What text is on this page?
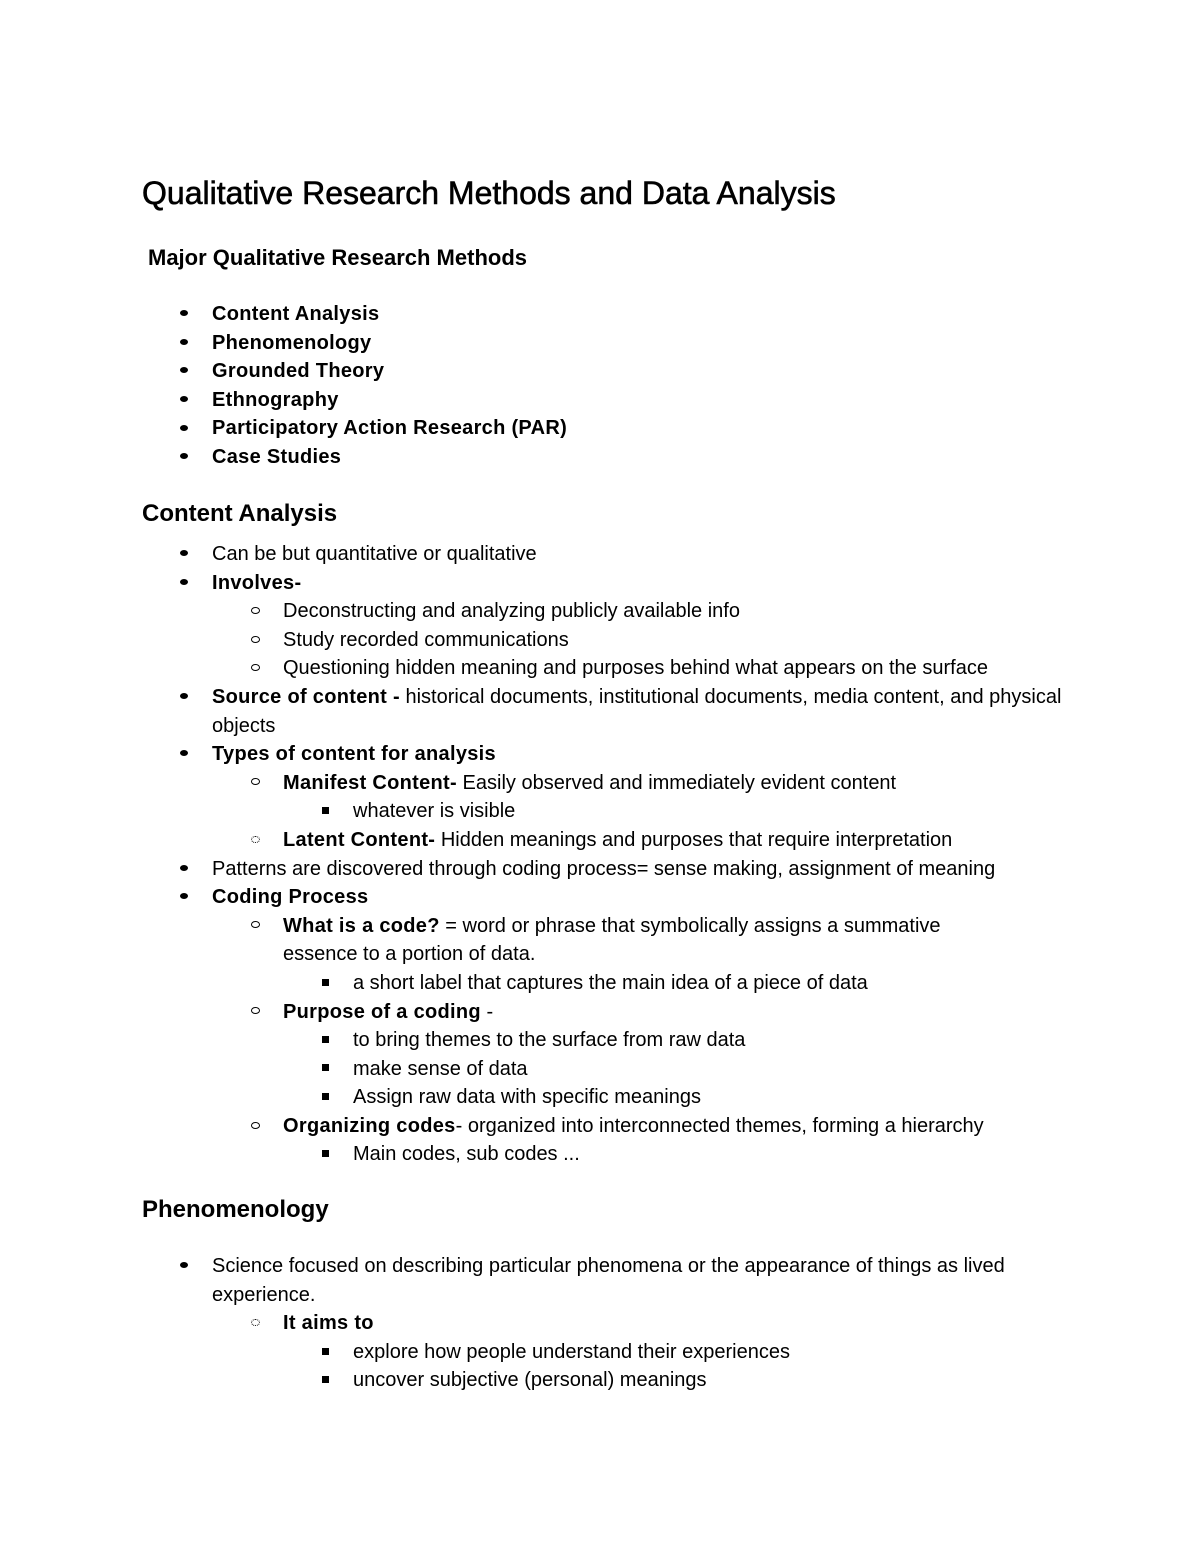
Qualitative Research Methods and Data Analysis
Major Qualitative Research Methods
Content Analysis
Phenomenology
Grounded Theory
Ethnography
Participatory Action Research (PAR)
Case Studies
Content Analysis
Can be but quantitative or qualitative
Involves-
Deconstructing and analyzing publicly available info
Study recorded communications
Questioning hidden meaning and purposes behind what appears on the surface
Source of content - historical documents, institutional documents, media content, and physical objects
Types of content for analysis
Manifest Content- Easily observed and immediately evident content
whatever is visible
Latent Content- Hidden meanings and purposes that require interpretation
Patterns are discovered through coding process= sense making, assignment of meaning
Coding Process
What is a code? = word or phrase that symbolically assigns a summative essence to a portion of data.
a short label that captures the main idea of a piece of data
Purpose of a coding -
to bring themes to the surface from raw data
make sense of data
Assign raw data with specific meanings
Organizing codes- organized into interconnected themes, forming a hierarchy
Main codes, sub codes ...
Phenomenology
Science focused on describing particular phenomena or the appearance of things as lived experience.
It aims to
explore how people understand their experiences
uncover subjective (personal) meanings
